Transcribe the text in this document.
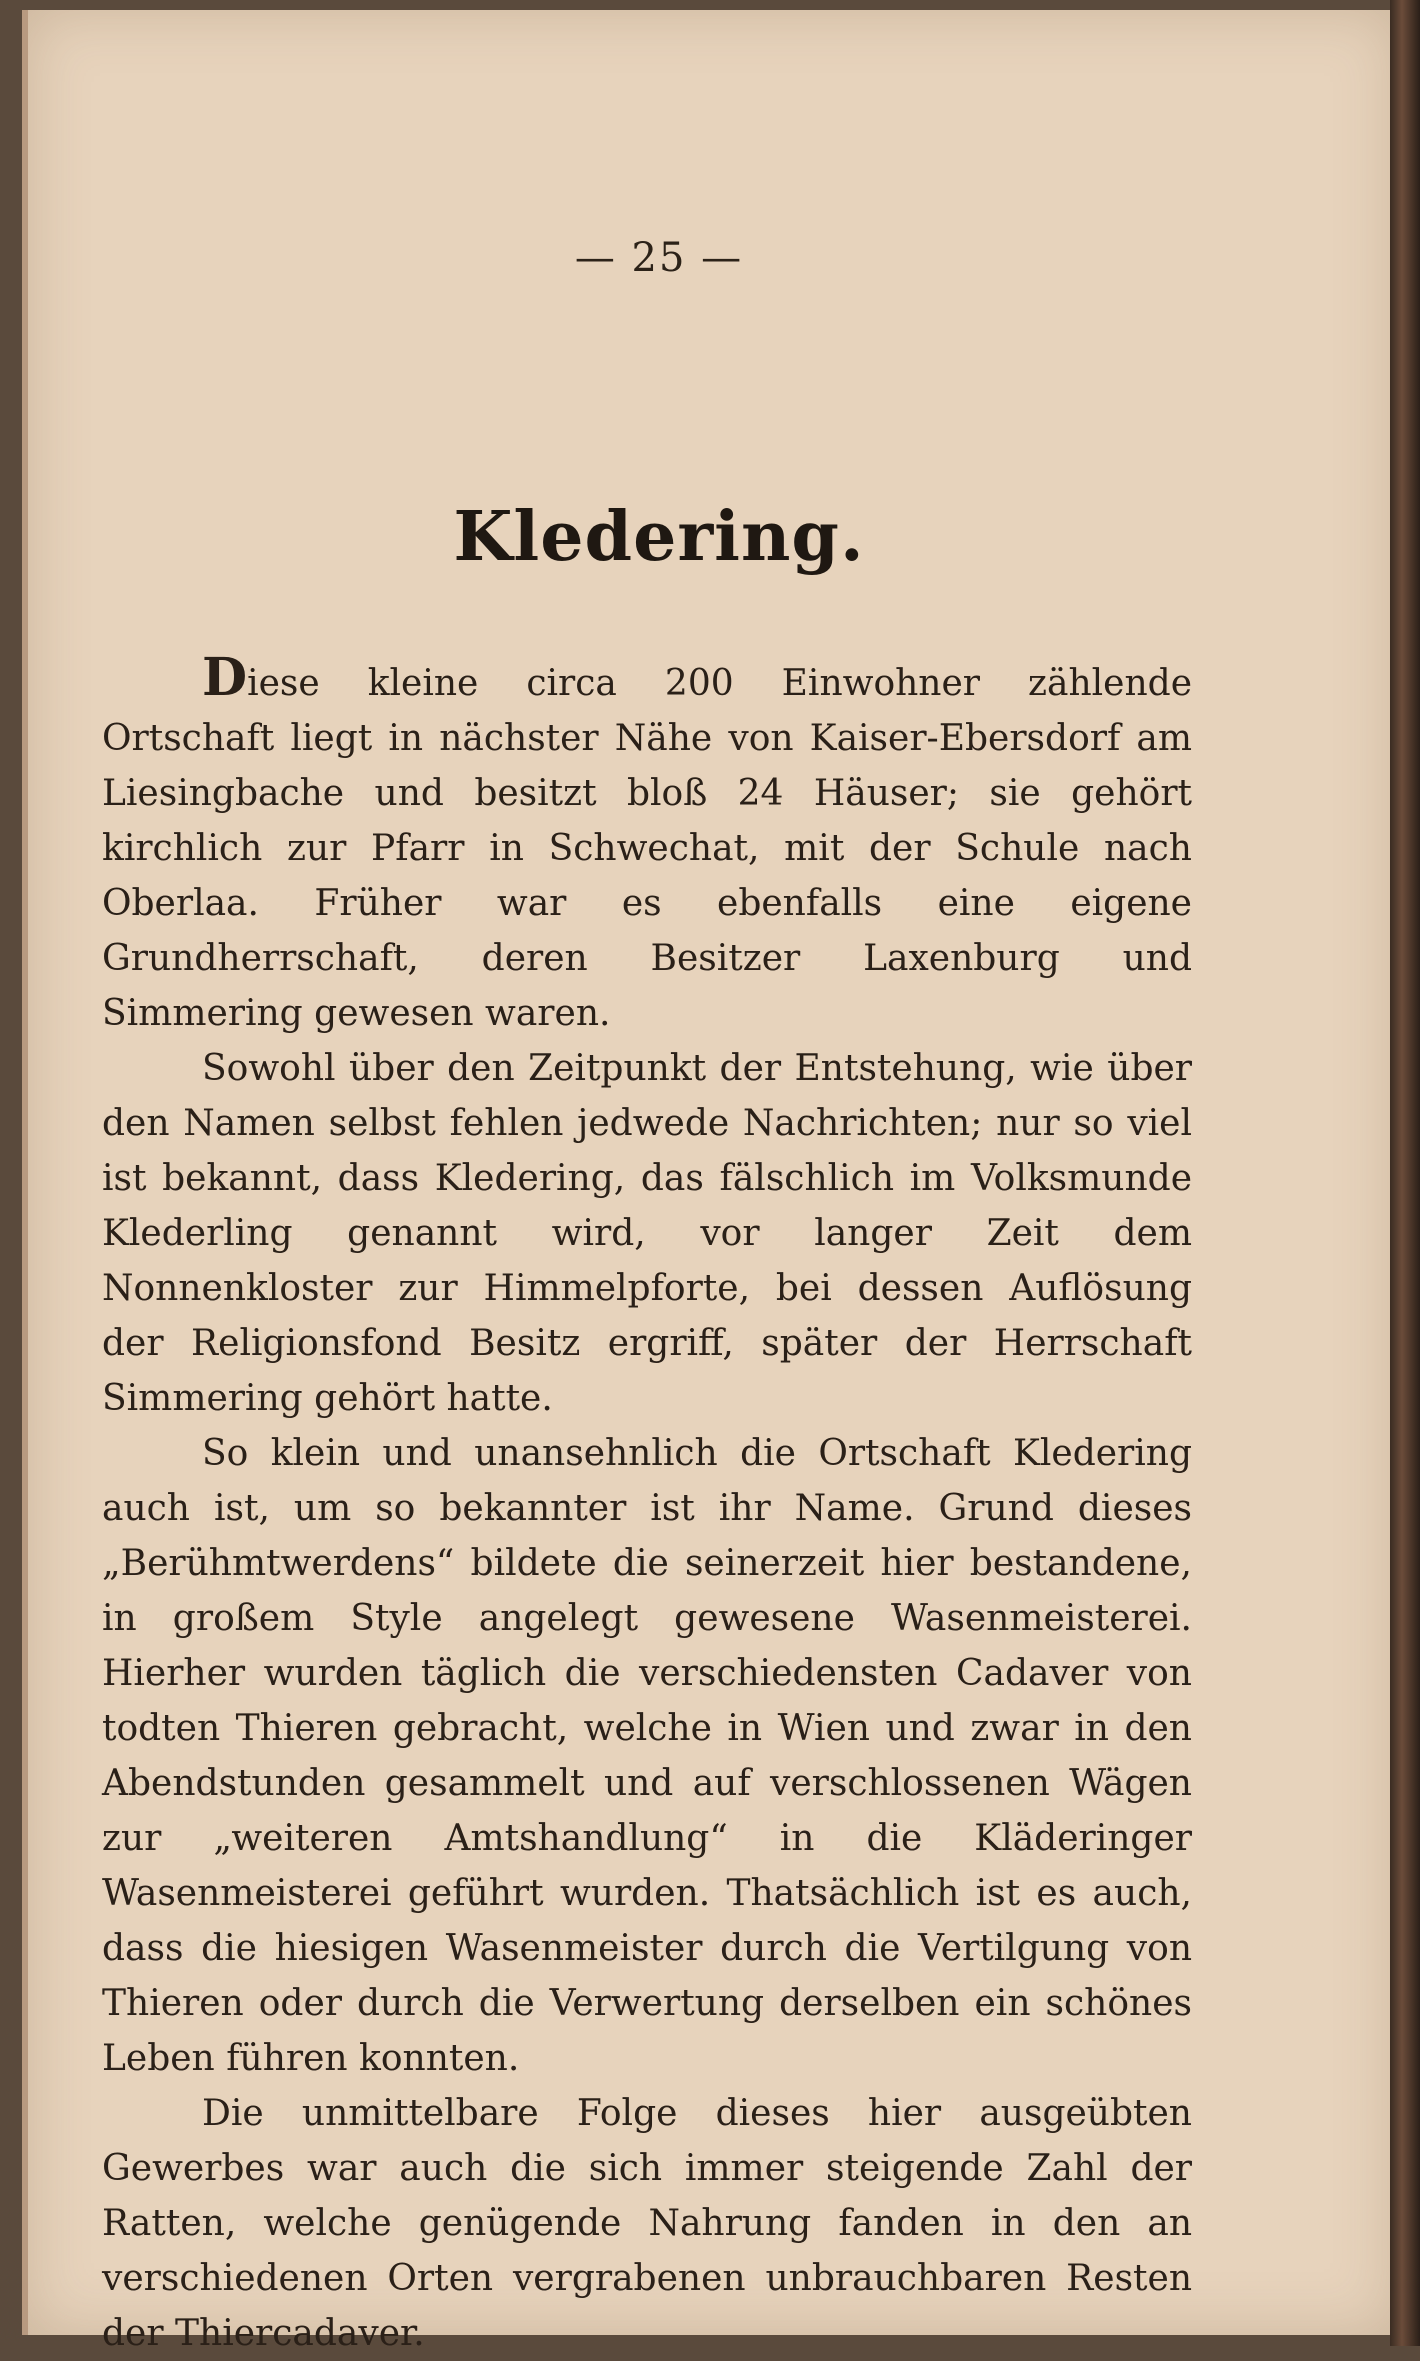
— 25 —
Kledering.

Diese kleine circa 200 Einwohner zählende Ortschaft liegt in nächster Nähe von Kaiser-Ebersdorf am Liesingbache und besitzt bloß 24 Häuser; sie gehört kirchlich zur Pfarr in Schwechat, mit der Schule nach Oberlaa. Früher war es ebenfalls eine eigene Grundherrschaft, deren Besitzer Laxenburg und Simmering gewesen waren.

Sowohl über den Zeitpunkt der Entstehung, wie über den Namen selbst fehlen jedwede Nachrichten; nur so viel ist bekannt, dass Kledering, das fälschlich im Volksmunde Klederling genannt wird, vor langer Zeit dem Nonnenkloster zur Himmelpforte, bei dessen Auflösung der Religionsfond Besitz ergriff, später der Herrschaft Simmering gehört hatte.

So klein und unansehnlich die Ortschaft Kledering auch ist, um so bekannter ist ihr Name. Grund dieses „Berühmtwerdens“ bildete die seinerzeit hier bestandene, in großem Style angelegt gewesene Wasenmeisterei. Hierher wurden täglich die verschiedensten Cadaver von todten Thieren gebracht, welche in Wien und zwar in den Abendstunden gesammelt und auf verschlossenen Wägen zur „weiteren Amtshandlung“ in die Kläderinger Wasenmeisterei geführt wurden. Thatsächlich ist es auch, dass die hiesigen Wasenmeister durch die Vertilgung von Thieren oder durch die Verwertung derselben ein schönes Leben führen konnten.

Die unmittelbare Folge dieses hier ausgeübten Gewerbes war auch die sich immer steigende Zahl der Ratten, welche genügende Nahrung fanden in den an verschiedenen Orten vergrabenen unbrauchbaren Resten der Thiercadaver.
